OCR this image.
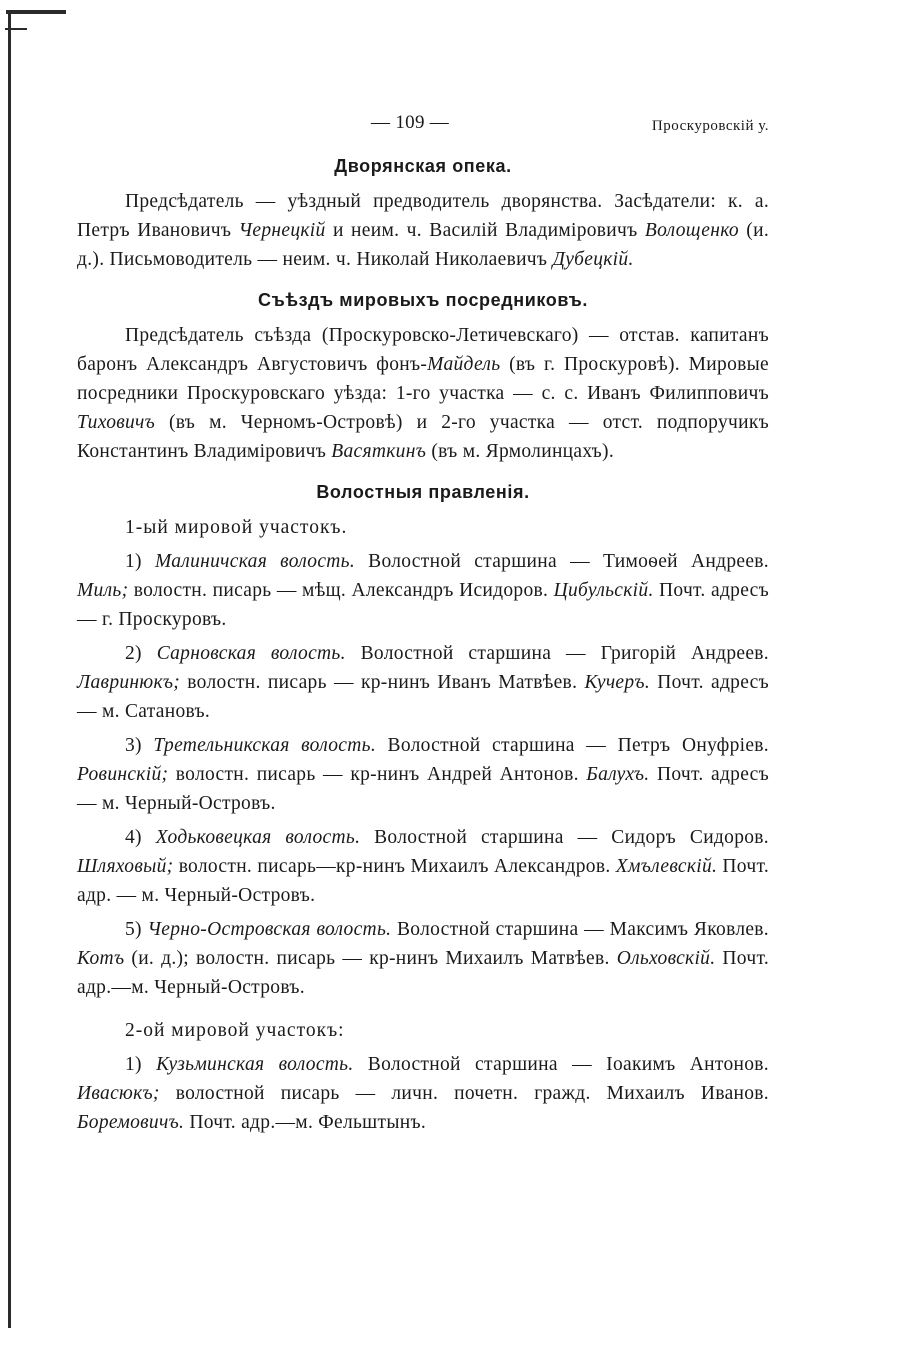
— 109 —	Проскуровскій у.
Дворянская опека.

Предсѣдатель — уѣздный предводитель дворянства. Засѣдатели: к. а. Петръ Ивановичъ Чернецкій и неим. ч. Василій Владиміровичъ Волощенко (и. д.). Письмоводитель — неим. ч. Николай Николаевичъ Дубецкій.

Съѣздъ мировыхъ посредниковъ.

Предсѣдатель съѣзда (Проскуровско-Летичевскаго) — отстав. капитанъ баронъ Александръ Августовичъ фонъ-Майдель (въ г. Проскуровѣ). Мировые посредники Проскуровскаго уѣзда: 1-го участка — с. с. Иванъ Филипповичъ Тиховичъ (въ м. Черномъ-Островѣ) и 2-го участка — отст. подпоручикъ Константинъ Владиміровичъ Васяткинъ (въ м. Ярмолинцахъ).

Волостныя правленія.

1-ый мировой участокъ.

1) Малиничская волость. Волостной старшина — Тимоѳей Андреев. Миль; волостн. писарь — мѣщ. Александръ Исидоров. Цибульскій. Почт. адресъ — г. Проскуровъ.

2) Сарновская волость. Волостной старшина — Григорій Андреев. Лавринюкъ; волостн. писарь — кр-нинъ Иванъ Матвѣев. Кучеръ. Почт. адресъ — м. Сатановъ.

3) Третельникская волость. Волостной старшина — Петръ Онуфріев. Ровинскій; волостн. писарь — кр-нинъ Андрей Антонов. Балухъ. Почт. адресъ — м. Черный-Островъ.

4) Ходьковецкая волость. Волостной старшина — Сидоръ Сидоров. Шляховый; волостн. писарь—кр-нинъ Михаилъ Александров. Хмълевскій. Почт. адр. — м. Черный-Островъ.

5) Черно-Островская волость. Волостной старшина — Максимъ Яковлев. Котъ (и. д.); волостн. писарь — кр-нинъ Михаилъ Матвѣев. Ольховскій. Почт. адр.—м. Черный-Островъ.

2-ой мировой участокъ:

1) Кузьминская волость. Волостной старшина — Іоакимъ Антонов. Ивасюкъ; волостной писарь — личн. почетн. гражд. Михаилъ Иванов. Боремовичъ. Почт. адр.—м. Фельштынъ.
